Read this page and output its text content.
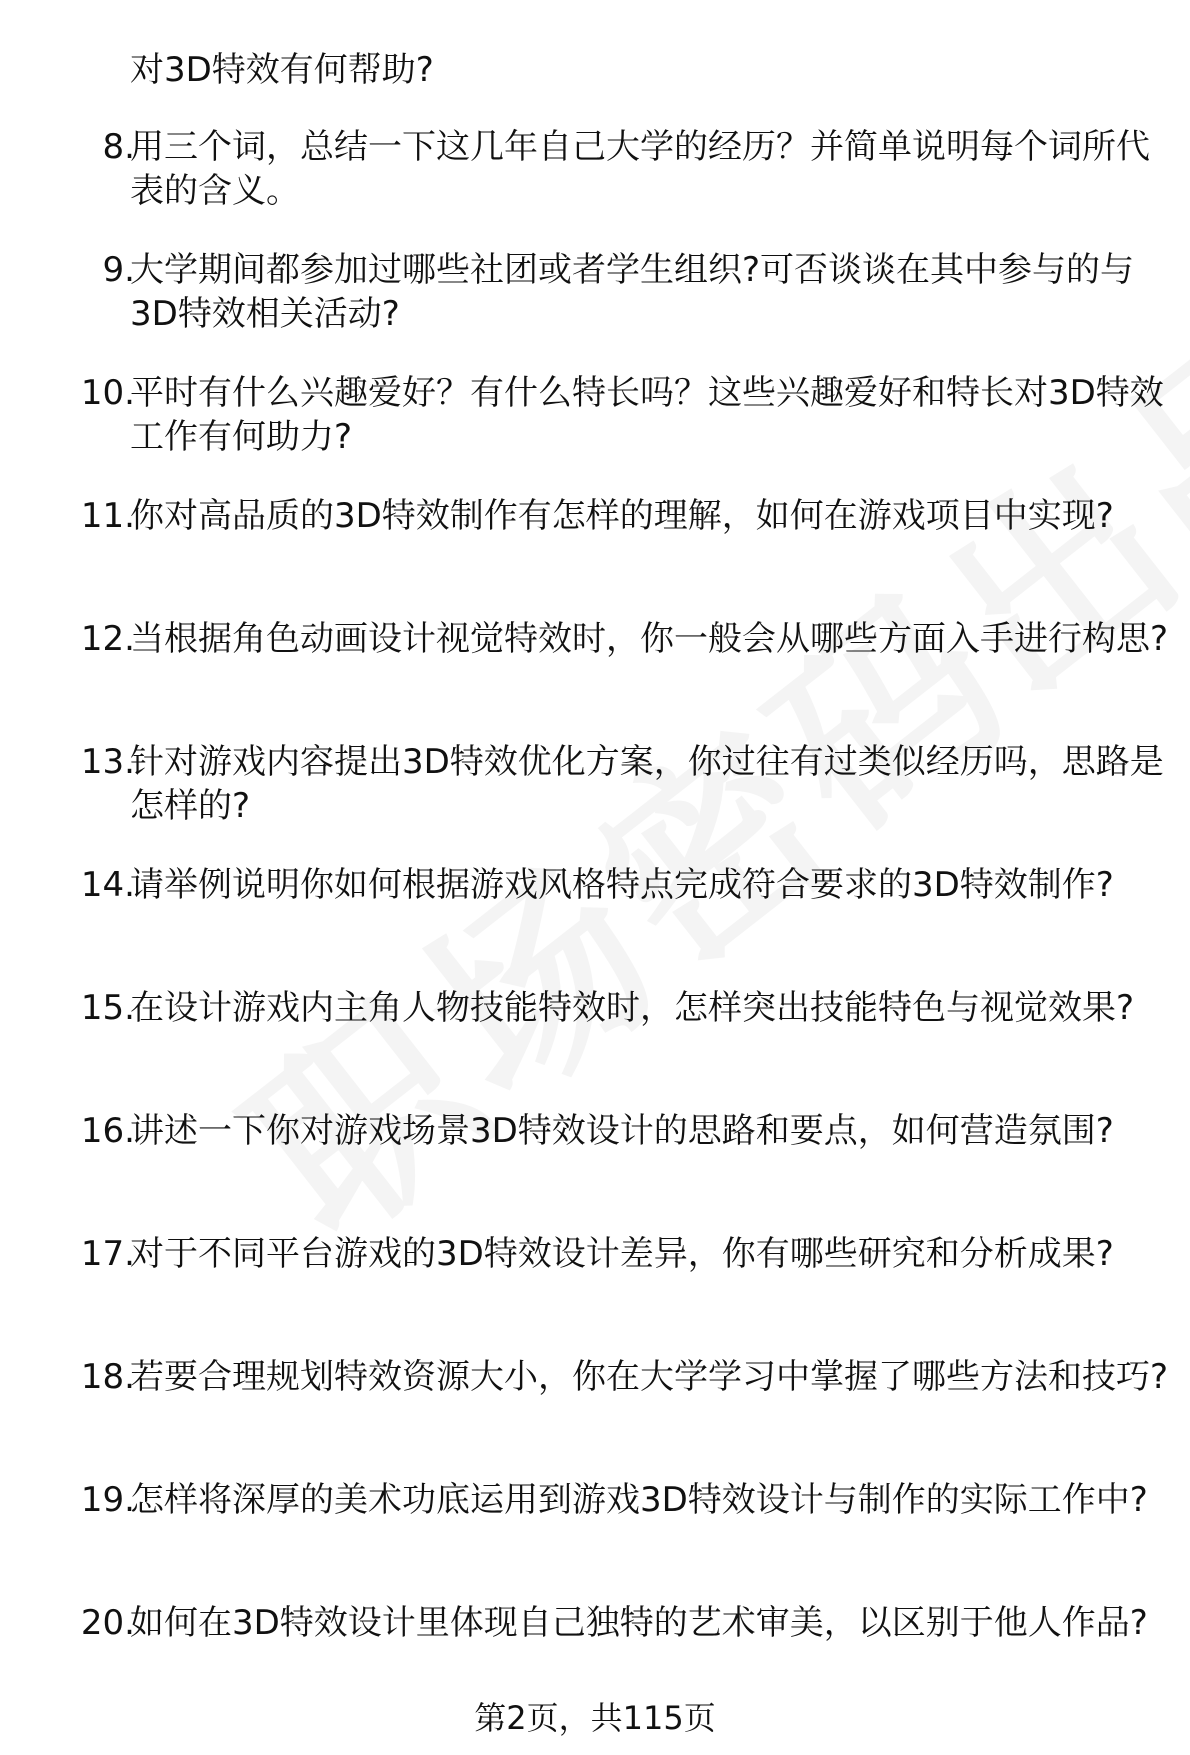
对3D特效有何帮助?
8.
用三个词，总结一下这几年自己大学的经历？并简单说明每个词所代表的含义。
9.
大学期间都参加过哪些社团或者学生组织?可否谈谈在其中参与的与3D特效相关活动?
10.
平时有什么兴趣爱好？有什么特长吗？这些兴趣爱好和特长对3D特效工作有何助力?
11.
你对高品质的3D特效制作有怎样的理解，如何在游戏项目中实现?
12.
当根据角色动画设计视觉特效时，你一般会从哪些方面入手进行构思?
13.
针对游戏内容提出3D特效优化方案，你过往有过类似经历吗，思路是怎样的?
14.
请举例说明你如何根据游戏风格特点完成符合要求的3D特效制作?
15.
在设计游戏内主角人物技能特效时，怎样突出技能特色与视觉效果?
16.
讲述一下你对游戏场景3D特效设计的思路和要点，如何营造氛围?
17.
对于不同平台游戏的3D特效设计差异，你有哪些研究和分析成果?
18.
若要合理规划特效资源大小，你在大学学习中掌握了哪些方法和技巧?
19.
怎样将深厚的美术功底运用到游戏3D特效设计与制作的实际工作中?
20.
如何在3D特效设计里体现自己独特的艺术审美，以区别于他人作品?
第2页，共115页
